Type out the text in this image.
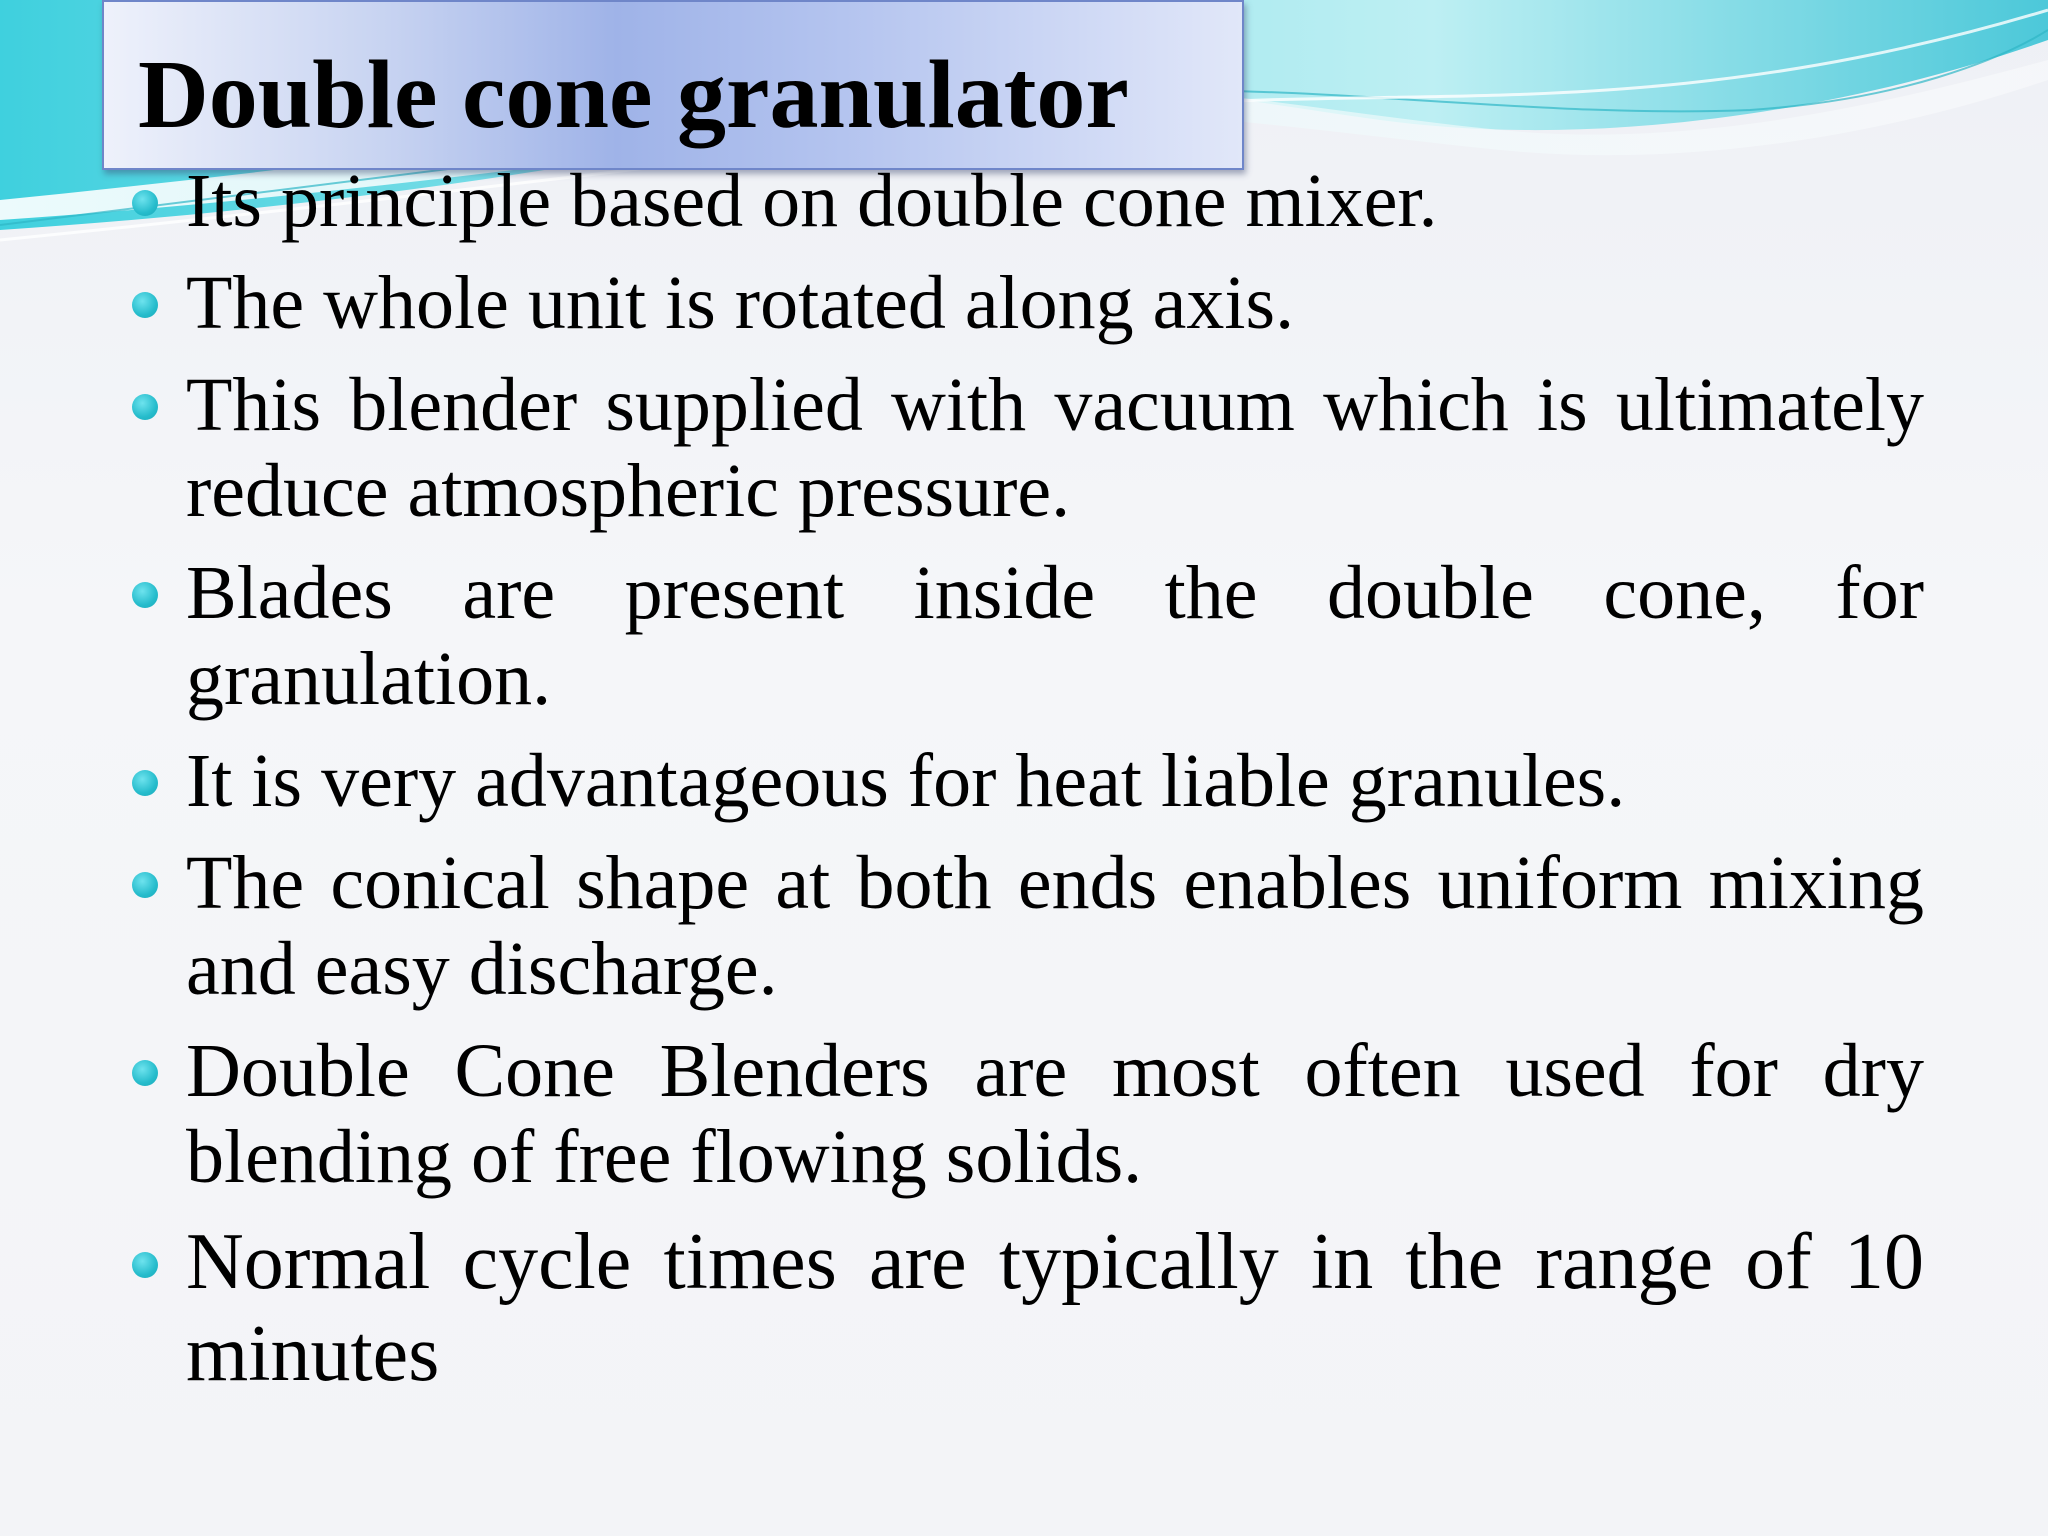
Double cone granulator
Its principle based on double cone mixer.
The whole unit is rotated along axis.
This blender supplied with vacuum which is ultimately reduce atmospheric pressure.
Blades are present inside the double cone, for granulation.
It is very advantageous for heat liable granules.
The conical shape at both ends enables uniform mixing and easy discharge.
Double Cone Blenders are most often used for dry blending of free flowing solids.
Normal cycle times are typically in the range of 10 minutes
